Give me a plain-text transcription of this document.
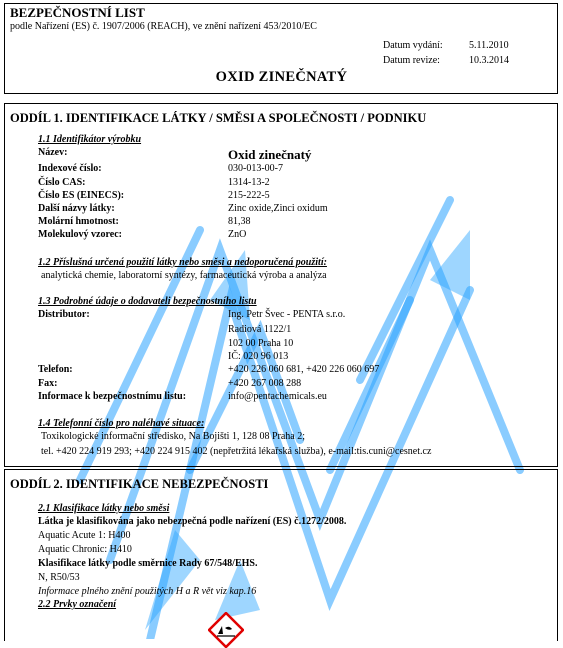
BEZPEČNOSTNÍ LIST
podle Nařízení (ES) č. 1907/2006 (REACH), ve znění nařízení 453/2010/EC
Datum vydání:	5.11.2010
Datum revize:	10.3.2014
OXID ZINEČNATÝ
ODDÍL 1. IDENTIFIKACE LÁTKY / SMĚSI A SPOLEČNOSTI / PODNIKU
1.1 Identifikátor výrobku
Název:	Oxid zinečnatý
Indexové číslo:	030-013-00-7
Číslo CAS:	1314-13-2
Číslo ES (EINECS):	215-222-5
Další názvy látky:	Zinc oxide,Zinci oxidum
Molární hmotnost:	81,38
Molekulový vzorec:	ZnO
1.2 Příslušná určená použití látky nebo směsi a nedoporučená použití:
analytická chemie, laboratorní syntézy, farmaceutická výroba a analýza
1.3 Podrobné údaje o dodavateli bezpečnostního listu
Distributor:	Ing. Petr Švec - PENTA s.r.o.
Radiová 1122/1
102 00 Praha 10
IČ: 020 96 013
Telefon:	+420 226 060 681, +420 226 060 697
Fax:	+420 267 008 288
Informace k bezpečnostnímu listu:	info@pentachemicals.eu
1.4 Telefonní číslo pro naléhavé situace:
Toxikologické informační středisko, Na Bojišti 1, 128 08 Praha 2;
tel. +420 224 919 293; +420 224 915 402 (nepřetržitá lékařská služba), e-mail:tis.cuni@cesnet.cz
ODDÍL 2. IDENTIFIKACE NEBEZPEČNOSTI
2.1 Klasifikace látky nebo směsi
Látka je klasifikována jako nebezpečná podle nařízení (ES) č.1272/2008.
Aquatic Acute 1: H400
Aquatic Chronic: H410
Klasifikace látky podle směrnice Rady 67/548/EHS.
N, R50/53
Informace plného znění použitých H a R vět viz kap.16
2.2 Prvky označení
